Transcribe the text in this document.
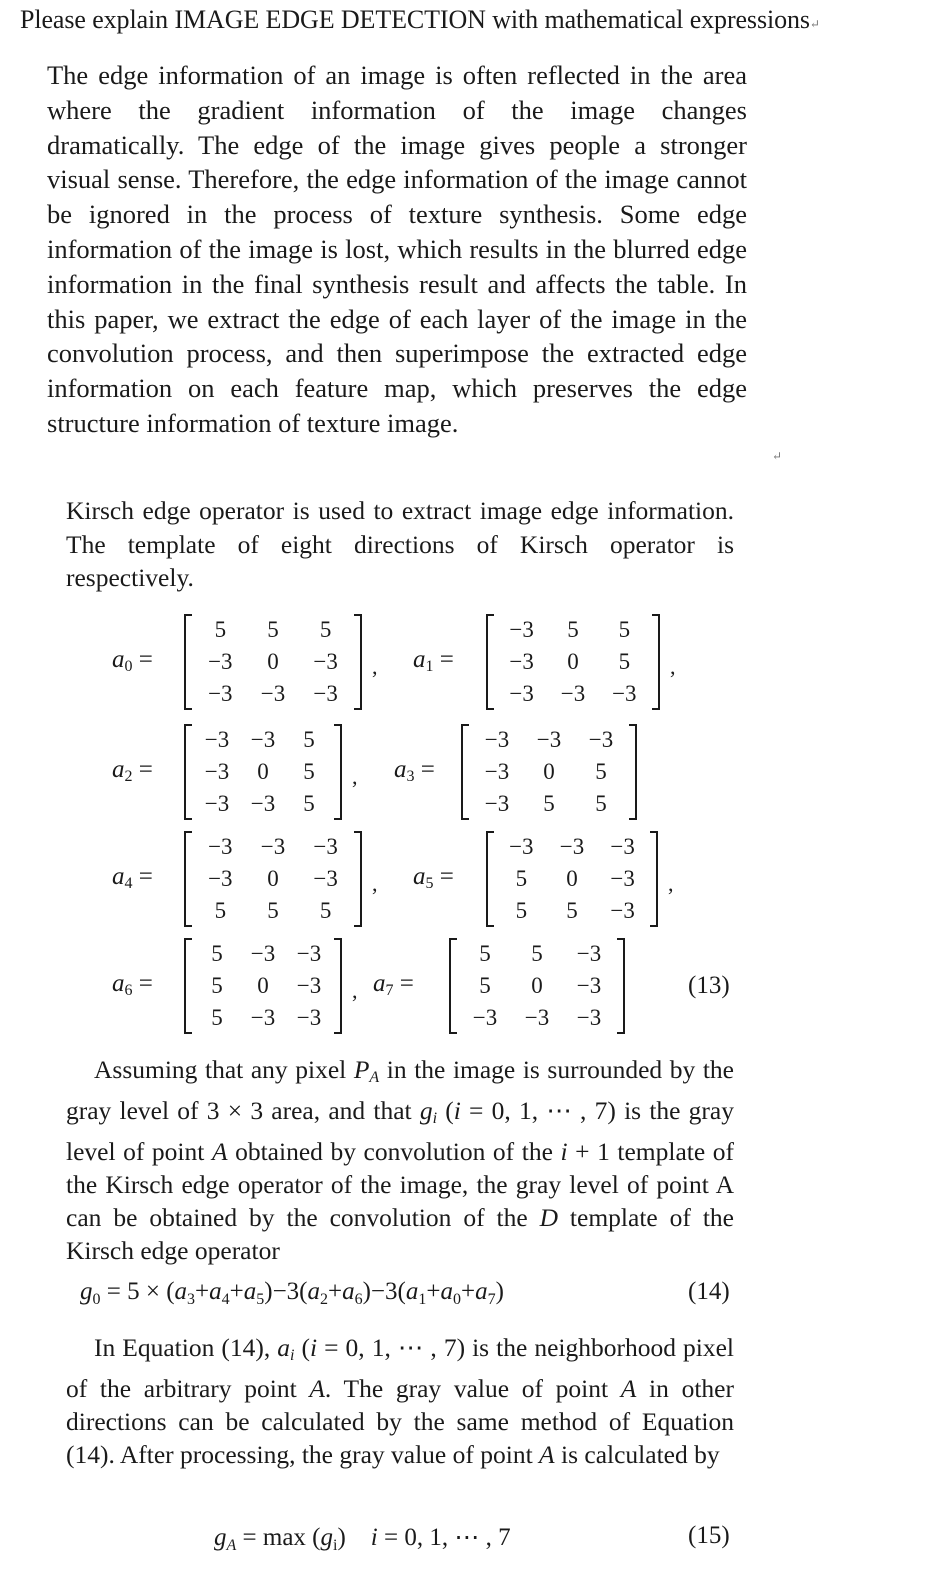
Please explain IMAGE EDGE DETECTION with mathematical expressions↵
The edge information of an image is often reflected in the area where the gradient information of the image changes dramatically. The edge of the image gives people a stronger visual sense. Therefore, the edge information of the image cannot be ignored in the process of texture synthesis. Some edge information of the image is lost, which results in the blurred edge information in the final synthesis result and affects the table. In this paper, we extract the edge of each layer of the image in the convolution process, and then superimpose the extracted edge information on each feature map, which preserves the edge structure information of texture image.
↵
Kirsch edge operator is used to extract image edge information. The template of eight directions of Kirsch operator is respectively.
$a_0$ =
5	5	5
−3	0	−3
−3	−3	−3
, $a_1$ =
−3	5	5
−3	0	5
−3	−3	−3
,
$a_2$ =
−3 −3	5
−3	0	5
−3 −3	5
, $a_3$ =
−3	−3	−3
−3	0	5
−3	5	5
$a_4$ =
−3	−3	−3
−3	0	−3
5	5	5
, $a_5$ =
−3	−3	−3
5	0	−3
5	5	−3
,
$a_6$ =
5	−3 −3
5	0	−3
5	−3 −3
, $a_7$ =
5	5	−3
5	0	−3
−3	−3	−3
(13)
Assuming that any pixel $P_A$ in the image is surrounded by the gray level of 3 × 3 area, and that $g_i$ (i = 0, 1, ⋯ , 7) is the gray level of point A obtained by convolution of the i + 1 template of the Kirsch edge operator of the image, the gray level of point A can be obtained by the convolution of the D template of the Kirsch edge operator
$g_0 = 5 \times (a_3+a_4+a_5)-3(a_2+a_6)-3(a_1+a_0+a_7)$	(14)
In Equation (14), $a_i$ (i = 0, 1, ⋯ , 7) is the neighborhood pixel of the arbitrary point A. The gray value of point A in other directions can be calculated by the same method of Equation (14). After processing, the gray value of point A is calculated by
$g_A = \max (g_i)$    i = 0, 1, ⋯ , 7	(15)
